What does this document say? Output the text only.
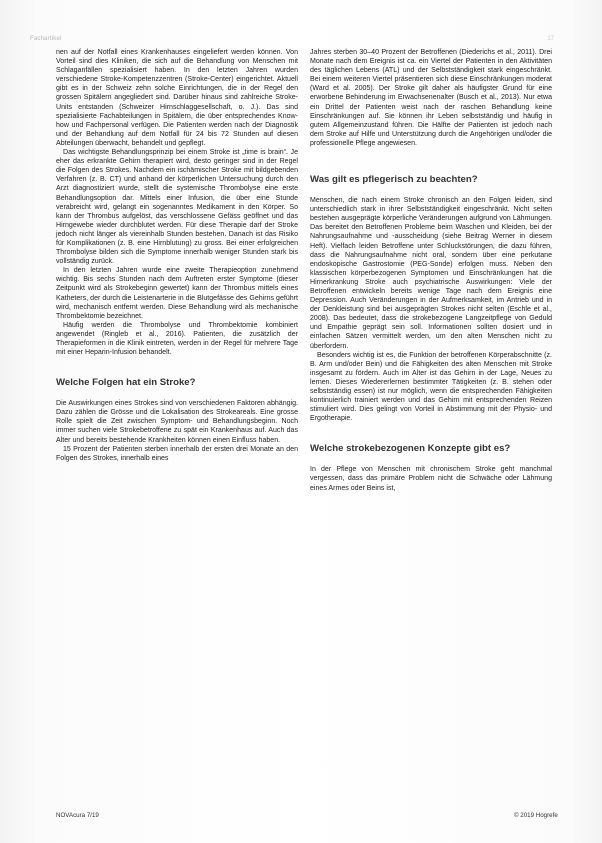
Fachartikel	17

nen auf der Notfall eines Krankenhauses eingeliefert werden können. Von Vorteil sind dies Kliniken, die sich auf die Behandlung von Menschen mit Schlaganfällen spezialisiert haben. In den letzten Jahren wurden verschiedene Stroke-Kompetenzzentren (Stroke-Center) eingerichtet. Aktuell gibt es in der Schweiz zehn solche Einrichtungen, die in der Regel den grossen Spitälern angegliedert sind. Darüber hinaus sind zahlreiche Stroke-Units entstanden (Schweizer Hirnschlaggesellschaft, o. J.). Das sind spezialisierte Fachabteilungen in Spitälern, die über entsprechendes Know-how und Fachpersonal verfügen. Die Patienten werden nach der Diagnostik und der Behandlung auf dem Notfall für 24 bis 72 Stunden auf diesen Abteilungen überwacht, behandelt und gepflegt.

Das wichtigste Behandlungsprinzip bei einem Stroke ist „time is brain“. Je eher das erkrankte Gehirn therapiert wird, desto geringer sind in der Regel die Folgen des Strokes. Nachdem ein ischämischer Stroke mit bildgebenden Verfahren (z. B. CT) und anhand der körperlichen Untersuchung durch den Arzt diagnostiziert wurde, stellt die systemische Thrombolyse eine erste Behandlungsoption dar. Mittels einer Infusion, die über eine Stunde verabreicht wird, gelangt ein sogenanntes Medikament in den Körper. So kann der Thrombus aufgelöst, das verschlossene Gefäss geöffnet und das Hirngewebe wieder durchblutet werden. Für diese Therapie darf der Stroke jedoch nicht länger als viereinhalb Stunden bestehen. Danach ist das Risiko für Komplikationen (z. B. eine Hirnblutung) zu gross. Bei einer erfolgreichen Thrombolyse bilden sich die Symptome innerhalb weniger Stunden stark bis vollständig zurück.

In den letzten Jahren wurde eine zweite Therapieoption zunehmend wichtig. Bis sechs Stunden nach dem Auftreten erster Symptome (dieser Zeitpunkt wird als Strokebeginn gewertet) kann der Thrombus mittels eines Katheters, der durch die Leistenarterie in die Blutgefässe des Gehirns geführt wird, mechanisch entfernt werden. Diese Behandlung wird als mechanische Thrombektomie bezeichnet.

Häufig werden die Thrombolyse und Thrombektomie kombiniert angewendet (Ringleb et al., 2016). Patienten, die zusätzlich der Therapieformen in die Klinik eintreten, werden in der Regel für mehrere Tage mit einer Heparin-Infusion behandelt.

Welche Folgen hat ein Stroke?

Die Auswirkungen eines Strokes sind von verschiedenen Faktoren abhängig. Dazu zählen die Grösse und die Lokalisation des Strokeareals. Eine grosse Rolle spielt die Zeit zwischen Symptom- und Behandlungsbeginn. Noch immer suchen viele Strokebetroffene zu spät ein Krankenhaus auf. Auch das Alter und bereits bestehende Krankheiten können einen Einfluss haben.

15 Prozent der Patienten sterben innerhalb der ersten drei Monate an den Folgen des Strokes, innerhalb eines

Jahres sterben 30–40 Prozent der Betroffenen (Diederichs et al., 2011). Drei Monate nach dem Ereignis ist ca. ein Viertel der Patienten in den Aktivitäten des täglichen Lebens (ATL) und der Selbstständigkeit stark eingeschränkt. Bei einem weiteren Viertel präsentieren sich diese Einschränkungen moderat (Ward et al. 2005). Der Stroke gilt daher als häufigster Grund für eine erworbene Behinderung im Erwachsenenalter (Busch et al., 2013). Nur etwa ein Drittel der Patienten weist nach der raschen Behandlung keine Einschränkungen auf. Sie können ihr Leben selbstständig und häufig in gutem Allgemeinzustand führen. Die Hälfte der Patienten ist jedoch nach dem Stroke auf Hilfe und Unterstützung durch die Angehörigen und/oder die professionelle Pflege angewiesen.

Was gilt es pflegerisch zu beachten?

Menschen, die nach einem Stroke chronisch an den Folgen leiden, sind unterschiedlich stark in ihrer Selbstständigkeit eingeschränkt. Nicht selten bestehen ausgeprägte körperliche Veränderungen aufgrund von Lähmungen. Das bereitet den Betroffenen Probleme beim Waschen und Kleiden, bei der Nahrungsaufnahme und -ausscheidung (siehe Beitrag Werner in diesem Heft). Vielfach leiden Betroffene unter Schluckstörungen, die dazu führen, dass die Nahrungsaufnahme nicht oral, sondern über eine perkutane endoskopische Gastrostomie (PEG-Sonde) erfolgen muss. Neben den klassischen körperbezogenen Symptomen und Einschränkungen hat die Hirnerkrankung Stroke auch psychiatrische Auswirkungen: Viele der Betroffenen entwickeln bereits wenige Tage nach dem Ereignis eine Depression. Auch Veränderungen in der Aufmerksamkeit, im Antrieb und in der Denkleistung sind bei ausgeprägten Strokes nicht selten (Eschle et al., 2008). Das bedeutet, dass die strokebezogene Langzeitpflege von Geduld und Empathie geprägt sein soll. Informationen sollten dosiert und in einfachen Sätzen vermittelt werden, um den alten Menschen nicht zu überfordern.

Besonders wichtig ist es, die Funktion der betroffenen Körperabschnitte (z. B. Arm und/oder Bein) und die Fähigkeiten des alten Menschen mit Stroke insgesamt zu fördern. Auch im Alter ist das Gehirn in der Lage, Neues zu lernen. Dieses Wiedererlernen bestimmter Tätigkeiten (z. B. stehen oder selbstständig essen) ist nur möglich, wenn die entsprechenden Fähigkeiten kontinuierlich trainiert werden und das Gehirn mit entsprechenden Reizen stimuliert wird. Dies gelingt von Vorteil in Abstimmung mit der Physio- und Ergotherapie.

Welche strokebezogenen Konzepte gibt es?

In der Pflege von Menschen mit chronischem Stroke geht manchmal vergessen, dass das primäre Problem nicht die Schwäche oder Lähmung eines Armes oder Beins ist,

NOVAcura 7/19	© 2019 Hogrefe
